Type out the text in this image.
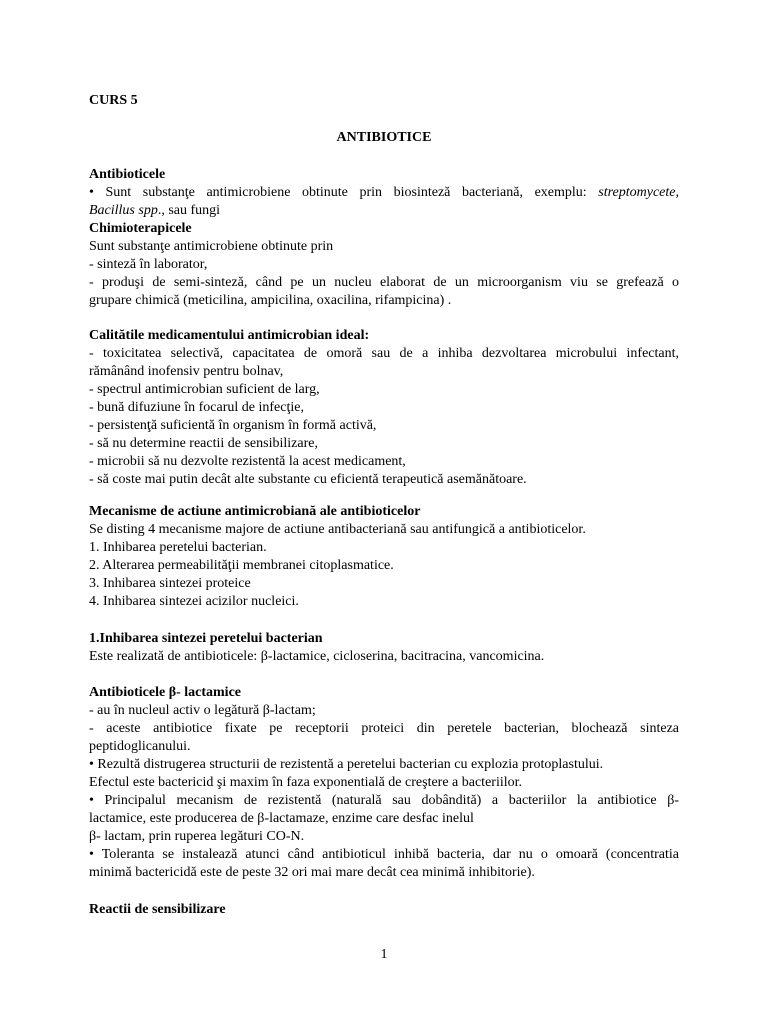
CURS 5
ANTIBIOTICE
Antibioticele
• Sunt substanţe antimicrobiene obtinute prin biosinteză bacteriană, exemplu: streptomycete,
Bacillus spp., sau fungi
Chimioterapicele
Sunt substanţe antimicrobiene obtinute prin
- sinteză în laborator,
- produşi de semi-sinteză, când pe un nucleu elaborat de un microorganism viu se grefează o
grupare chimică (meticilina, ampicilina, oxacilina, rifampicina) .
Calitătile medicamentului antimicrobian ideal:
- toxicitatea selectivă, capacitatea de omoră sau de a inhiba dezvoltarea microbului infectant,
rămânând inofensiv pentru bolnav,
- spectrul antimicrobian suficient de larg,
- bună difuziune în focarul de infecţie,
- persistenţă suficientă în organism în formă activă,
- să nu determine reactii de sensibilizare,
- microbii să nu dezvolte rezistentă la acest medicament,
- să coste mai putin decât alte substante cu eficientă terapeutică asemănătoare.
Mecanisme de actiune antimicrobiană ale antibioticelor
Se disting 4 mecanisme majore de actiune antibacteriană sau antifungică a antibioticelor.
1. Inhibarea peretelui bacterian.
2. Alterarea permeabilităţii membranei citoplasmatice.
3. Inhibarea sintezei proteice
4. Inhibarea sintezei acizilor nucleici.
1.Inhibarea sintezei peretelui bacterian
Este realizată de antibioticele: β-lactamice, cicloserina, bacitracina, vancomicina.
Antibioticele β- lactamice
- au în nucleul activ o legătură β-lactam;
- aceste antibiotice fixate pe receptorii proteici din peretele bacterian, blochează sinteza
peptidoglicanului.
• Rezultă distrugerea structurii de rezistentă a peretelui bacterian cu explozia protoplastului.
Efectul este bactericid şi maxim în faza exponentială de creştere a bacteriilor.
• Principalul mecanism de rezistentă (naturală sau dobândită) a bacteriilor la antibiotice β-
lactamice, este producerea de β-lactamaze, enzime care desfac inelul
β- lactam, prin ruperea legături CO-N.
• Toleranta se instalează atunci când antibioticul inhibă bacteria, dar nu o omoară (concentratia
minimă bactericidă este de peste 32 ori mai mare decât cea minimă inhibitorie).
Reactii de sensibilizare
1
